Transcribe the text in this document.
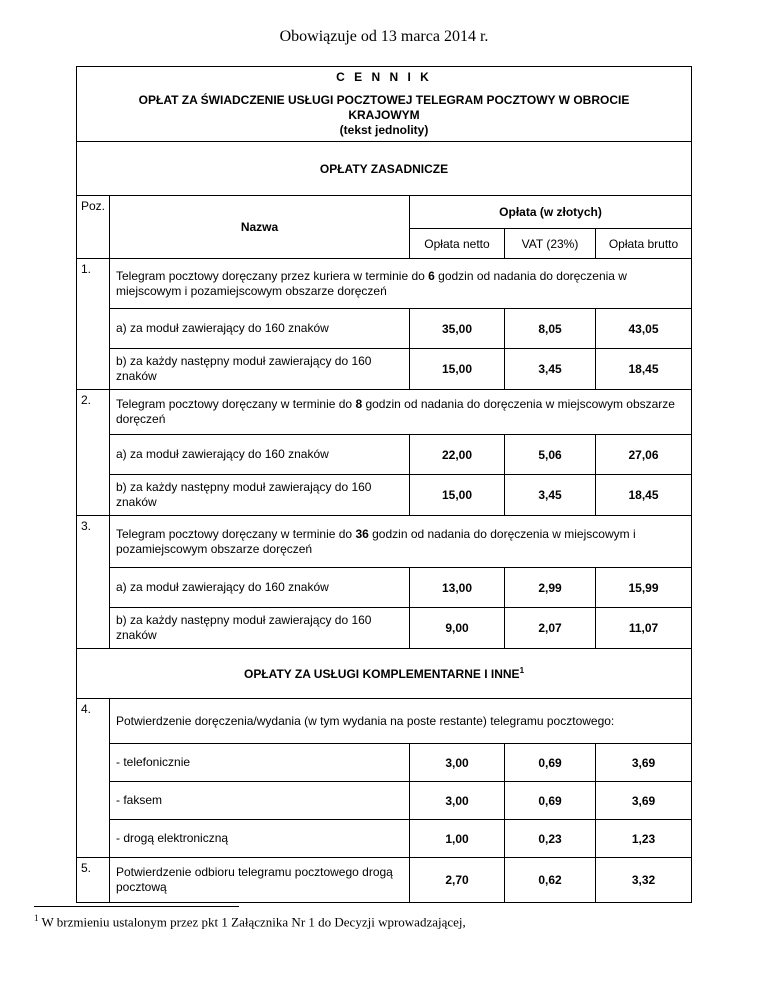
Obowiązuje od 13 marca 2014 r.
C E N N I K
OPŁAT ZA ŚWIADCZENIE USŁUGI POCZTOWEJ TELEGRAM POCZTOWY W OBROCIE KRAJOWYM
(tekst jednolity)				

OPŁATY ZASADNICZE				
Poz.	Nazwa	Opłata (w złotych)		
		Opłata netto	VAT (23%)	Opłata brutto
1.	Telegram pocztowy doręczany przez kuriera w terminie do 6 godzin od nadania do doręczenia w miejscowym i pozamiejscowym obszarze doręczeń			
	a) za moduł zawierający do 160 znaków	35,00	8,05	43,05
	b) za każdy następny moduł zawierający do 160 znaków	15,00	3,45	18,45
2.	Telegram pocztowy doręczany w terminie do 8 godzin od nadania do doręczenia w miejscowym obszarze doręczeń			
	a) za moduł zawierający do 160 znaków	22,00	5,06	27,06
	b) za każdy następny moduł zawierający do 160 znaków	15,00	3,45	18,45
3.	Telegram pocztowy doręczany w terminie do 36 godzin od nadania do doręczenia w miejscowym i pozamiejscowym obszarze doręczeń			
	a) za moduł zawierający do 160 znaków	13,00	2,99	15,99
	b) za każdy następny moduł zawierający do 160 znaków	9,00	2,07	11,07
OPŁATY ZA USŁUGI KOMPLEMENTARNE I INNE$^1$
4.	Potwierdzenie doręczenia/wydania (w tym wydania na poste restante) telegramu pocztowego:			
	- telefonicznie	3,00	0,69	3,69
	- faksem	3,00	0,69	3,69
	- drogą elektroniczną	1,00	0,23	1,23
5.	Potwierdzenie odbioru telegramu pocztowego drogą pocztową	2,70	0,62	3,32
$^1$ W brzmieniu ustalonym przez pkt 1 Załącznika Nr 1 do Decyzji wprowadzającej,
